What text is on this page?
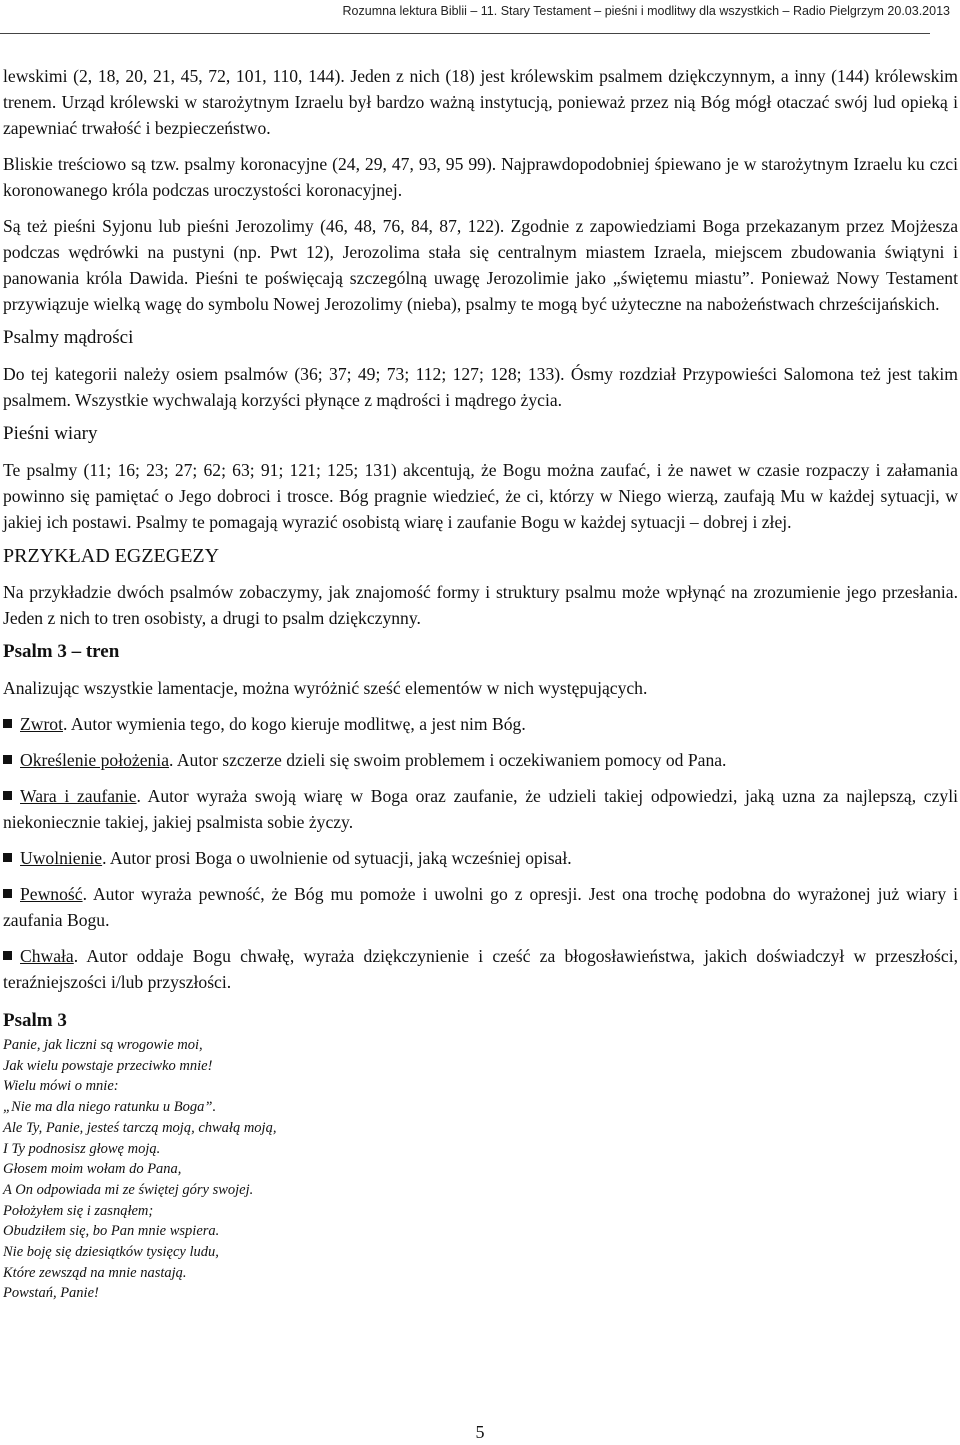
Rozumna lektura Biblii – 11. Stary Testament – pieśni i modlitwy dla wszystkich – Radio Pielgrzym 20.03.2013

lewskimi (2, 18, 20, 21, 45, 72, 101, 110, 144). Jeden z nich (18) jest królewskim psalmem dziękczynnym, a inny (144) królewskim trenem. Urząd królewski w starożytnym Izraelu był bardzo ważną instytucją, ponieważ przez nią Bóg mógł otaczać swój lud opieką i zapewniać trwałość i bezpieczeństwo.

Bliskie treściowo są tzw. psalmy koronacyjne (24, 29, 47, 93, 95 99). Najprawdopodobniej śpiewano je w starożytnym Izraelu ku czci koronowanego króla podczas uroczystości koronacyjnej.

Są też pieśni Syjonu lub pieśni Jerozolimy (46, 48, 76, 84, 87, 122). Zgodnie z zapowiedziami Boga przekazanym przez Mojżesza podczas wędrówki na pustyni (np. Pwt 12), Jerozolima stała się centralnym miastem Izraela, miejscem zbudowania świątyni i panowania króla Dawida. Pieśni te poświęcają szczególną uwagę Jerozolimie jako „świętemu miastu”. Ponieważ Nowy Testament przywiązuje wielką wagę do symbolu Nowej Jerozolimy (nieba), psalmy te mogą być użyteczne na nabożeństwach chrześcijańskich.

Psalmy mądrości

Do tej kategorii należy osiem psalmów (36; 37; 49; 73; 112; 127; 128; 133). Ósmy rozdział Przypowieści Salomona też jest takim psalmem. Wszystkie wychwalają korzyści płynące z mądrości i mądrego życia.

Pieśni wiary

Te psalmy (11; 16; 23; 27; 62; 63; 91; 121; 125; 131) akcentują, że Bogu można zaufać, i że nawet w czasie rozpaczy i załamania powinno się pamiętać o Jego dobroci i trosce. Bóg pragnie wiedzieć, że ci, którzy w Niego wierzą, zaufają Mu w każdej sytuacji, w jakiej ich postawi. Psalmy te pomagają wyrazić osobistą wiarę i zaufanie Bogu w każdej sytuacji – dobrej i złej.

PRZYKŁAD EGZEGEZY

Na przykładzie dwóch psalmów zobaczymy, jak znajomość formy i struktury psalmu może wpłynąć na zrozumienie jego przesłania. Jeden z nich to tren osobisty, a drugi to psalm dziękczynny.

Psalm 3 – tren

Analizując wszystkie lamentacje, można wyróżnić sześć elementów w nich występujących.

Zwrot. Autor wymienia tego, do kogo kieruje modlitwę, a jest nim Bóg.

Określenie położenia. Autor szczerze dzieli się swoim problemem i oczekiwaniem pomocy od Pana.

Wara i zaufanie. Autor wyraża swoją wiarę w Boga oraz zaufanie, że udzieli takiej odpowiedzi, jaką uzna za najlepszą, czyli niekoniecznie takiej, jakiej psalmista sobie życzy.

Uwolnienie. Autor prosi Boga o uwolnienie od sytuacji, jaką wcześniej opisał.

Pewność. Autor wyraża pewność, że Bóg mu pomoże i uwolni go z opresji. Jest ona trochę podobna do wyrażonej już wiary i zaufania Bogu.

Chwała. Autor oddaje Bogu chwałę, wyraża dziękczynienie i cześć za błogosławieństwa, jakich doświadczył w przeszłości, teraźniejszości i/lub przyszłości.

Psalm 3

Panie, jak liczni są wrogowie moi,

Jak wielu powstaje przeciwko mnie!

Wielu mówi o mnie:

„Nie ma dla niego ratunku u Boga”.

Ale Ty, Panie, jesteś tarczą moją, chwałą moją,

I Ty podnosisz głowę moją.

Głosem moim wołam do Pana,

A On odpowiada mi ze świętej góry swojej.

Położyłem się i zasnąłem;

Obudziłem się, bo Pan mnie wspiera.

Nie boję się dziesiątków tysięcy ludu,

Które zewsząd na mnie nastają.

Powstań, Panie!

5
